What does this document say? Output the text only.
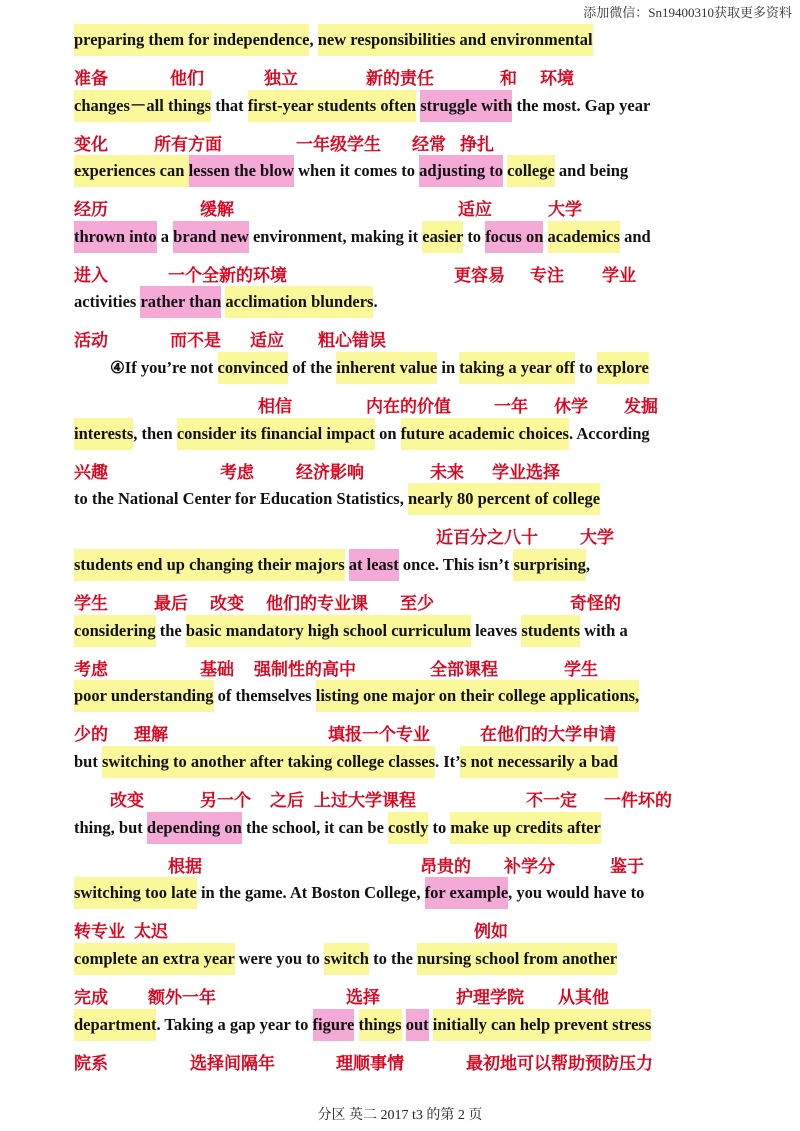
添加微信：Sn19400310获取更多资料
preparing them for independence, new responsibilities and environmental
changes－all things that first-year students often struggle with the most. Gap year
experiences can lessen the blow when it comes to adjusting to college and being
thrown into a brand new environment, making it easier to focus on academics and
activities rather than acclimation blunders.
④If you’re not convinced of the inherent value in taking a year off to explore
interests, then consider its financial impact on future academic choices. According
to the National Center for Education Statistics, nearly 80 percent of college
students end up changing their majors at least once. This isn’t surprising,
considering the basic mandatory high school curriculum leaves students with a
poor understanding of themselves listing one major on their college applications,
but switching to another after taking college classes. It’s not necessarily a bad
thing, but depending on the school, it can be costly to make up credits after
switching too late in the game. At Boston College, for example, you would have to
complete an extra year were you to switch to the nursing school from another
department. Taking a gap year to figure things out initially can help prevent stress
准备	他们	独立	新的责任	和 环境
变化	所有方面	一年级学生 经常 挣扎
经历	缓解	适应	大学
进入	一个全新的环境	更容易 专注 学业
活动	而不是 适应 粗心错误
相信	内在的价值	一年 休学 发掘
兴趣	考虑 经济影响	未来 学业选择
近百分之八十 大学
学生	最后 改变 他们的专业课 至少	奇怪的
考虑	基础 强制性的高中	全部课程	学生
少的 理解	填报一个专业	在他们的大学申请
改变	另一个 之后 上过大学课程	不一定 一件坏的
根据	昂贵的 补学分	鉴于
转专业 太迟	例如
完成 额外一年	选择	护理学院 从其他
院系	选择间隔年	理顺事情	最初地可以帮助预防压力
分区 英二 2017 t3 的第 2 页
